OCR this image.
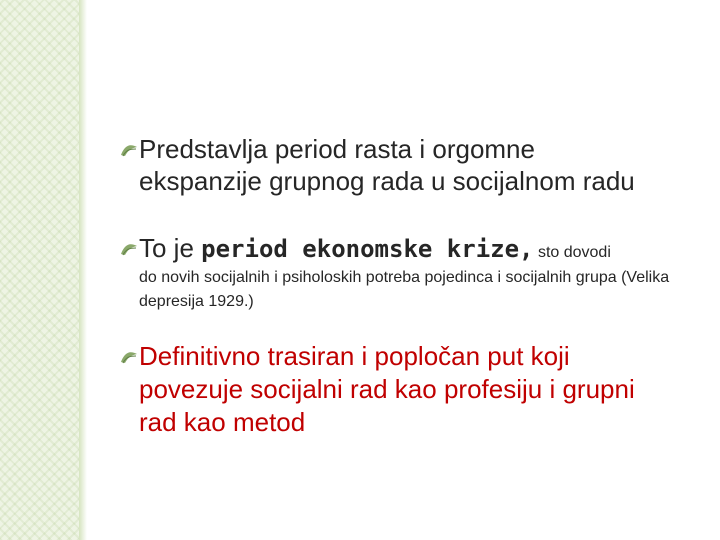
Predstavlja period rasta i orgomne ekspanzije grupnog rada u socijalnom radu

To je period ekonomske krize, sto dovodi

do novih socijalnih i psiholoskih potreba pojedinca i socijalnih grupa (Velika depresija 1929.)

Definitivno trasiran i popločan put koji povezuje socijalni rad kao profesiju i grupni rad kao metod
